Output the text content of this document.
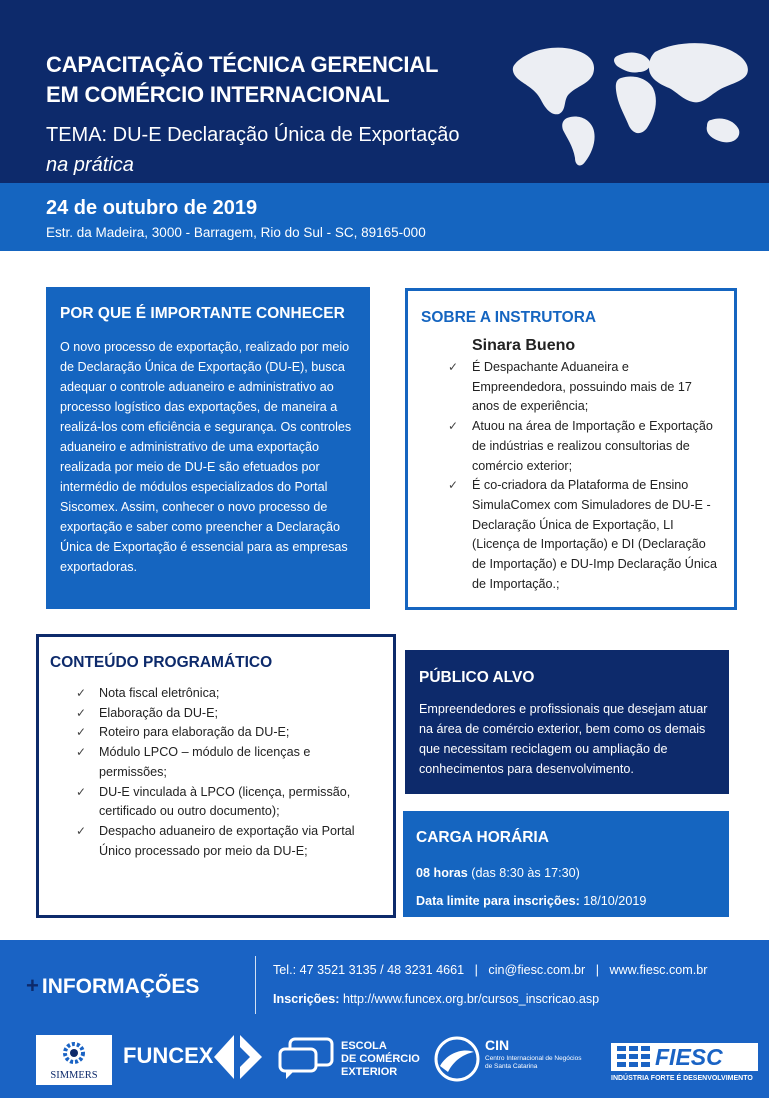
CAPACITAÇÃO TÉCNICA GERENCIAL
EM COMÉRCIO INTERNACIONAL
TEMA: DU-E Declaração Única de Exportação
na prática
24 de outubro de 2019
Estr. da Madeira, 3000 - Barragem, Rio do Sul - SC, 89165-000
POR QUE É IMPORTANTE CONHECER

O novo processo de exportação, realizado por meio de Declaração Única de Exportação (DU-E), busca adequar o controle aduaneiro e administrativo ao processo logístico das exportações, de maneira a realizá-los com eficiência e segurança. Os controles aduaneiro e administrativo de uma exportação realizada por meio de DU-E são efetuados por intermédio de módulos especializados do Portal Siscomex. Assim, conhecer o novo processo de exportação e saber como preencher a Declaração Única de Exportação é essencial para as empresas exportadoras.

SOBRE A INSTRUTORA
Sinara Bueno
✓ É Despachante Aduaneira e Empreendedora, possuindo mais de 17 anos de experiência;
✓ Atuou na área de Importação e Exportação de indústrias e realizou consultorias de comércio exterior;
✓ É co-criadora da Plataforma de Ensino SimulaComex com Simuladores de DU-E - Declaração Única de Exportação, LI (Licença de Importação) e DI (Declaração de Importação) e DU-Imp Declaração Única de Importação.;
CONTEÚDO PROGRAMÁTICO
✓ Nota fiscal eletrônica;
✓ Elaboração da DU-E;
✓ Roteiro para elaboração da DU-E;
✓ Módulo LPCO – módulo de licenças e permissões;
✓ DU-E vinculada à LPCO (licença, permissão, certificado ou outro documento);
✓ Despacho aduaneiro de exportação via Portal Único processado por meio da DU-E;
PÚBLICO ALVO

Empreendedores e profissionais que desejam atuar na área de comércio exterior, bem como os demais que necessitam reciclagem ou ampliação de conhecimentos para desenvolvimento.

CARGA HORÁRIA
08 horas (das 8:30 às 17:30)
Data limite para inscrições: 18/10/2019
+ INFORMAÇÕES
Tel.: 47 3521 3135 / 48 3231 4661   |   cin@fiesc.com.br   |   www.fiesc.com.br
Inscrições: http://www.funcex.org.br/cursos_inscricao.asp
SIMMERS
FUNCEX	ESCOLA
DE COMÉRCIO
EXTERIOR
CIN
Centro Internacional de Negócios
de Santa Catarina	FIESC
INDÚSTRIA FORTE É DESENVOLVIMENTO
